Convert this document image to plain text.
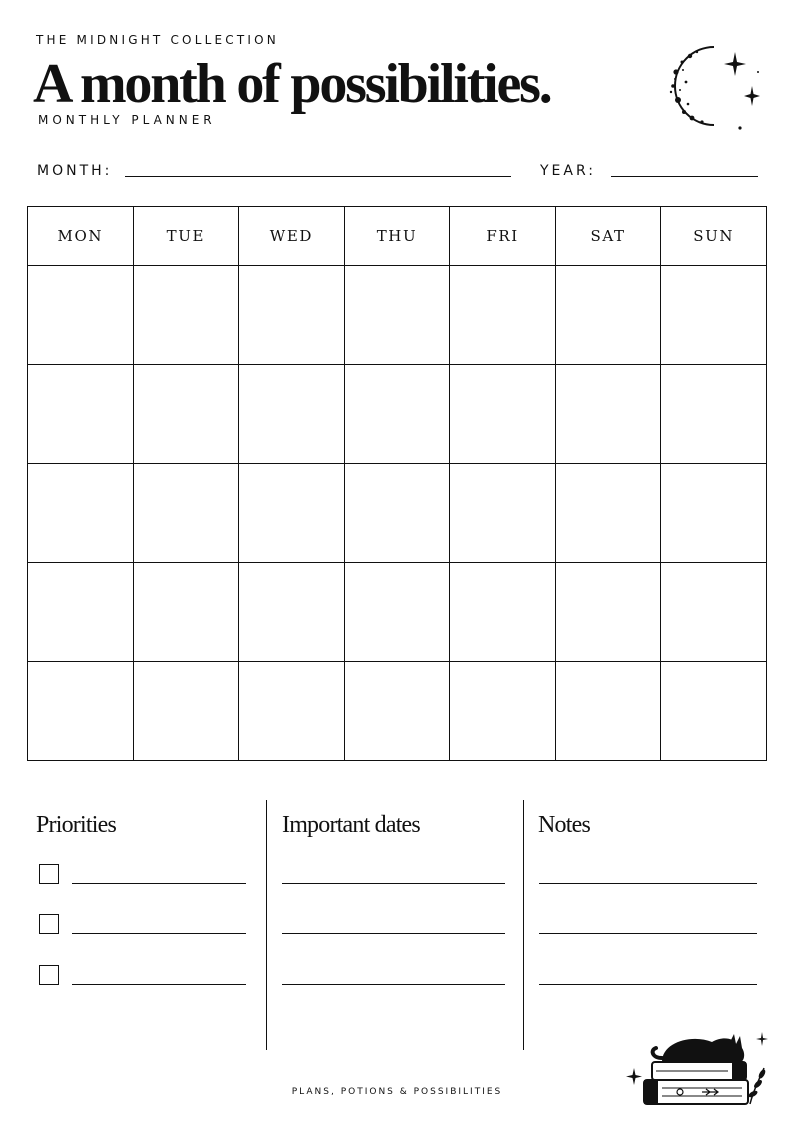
THE MIDNIGHT COLLECTION
A month of possibilities.
MONTHLY PLANNER
MONTH:	YEAR:
MON	TUE	WED	THU	FRI	SAT	SUN

Priorities	Important dates	Notes
PLANS, POTIONS & POSSIBILITIES
